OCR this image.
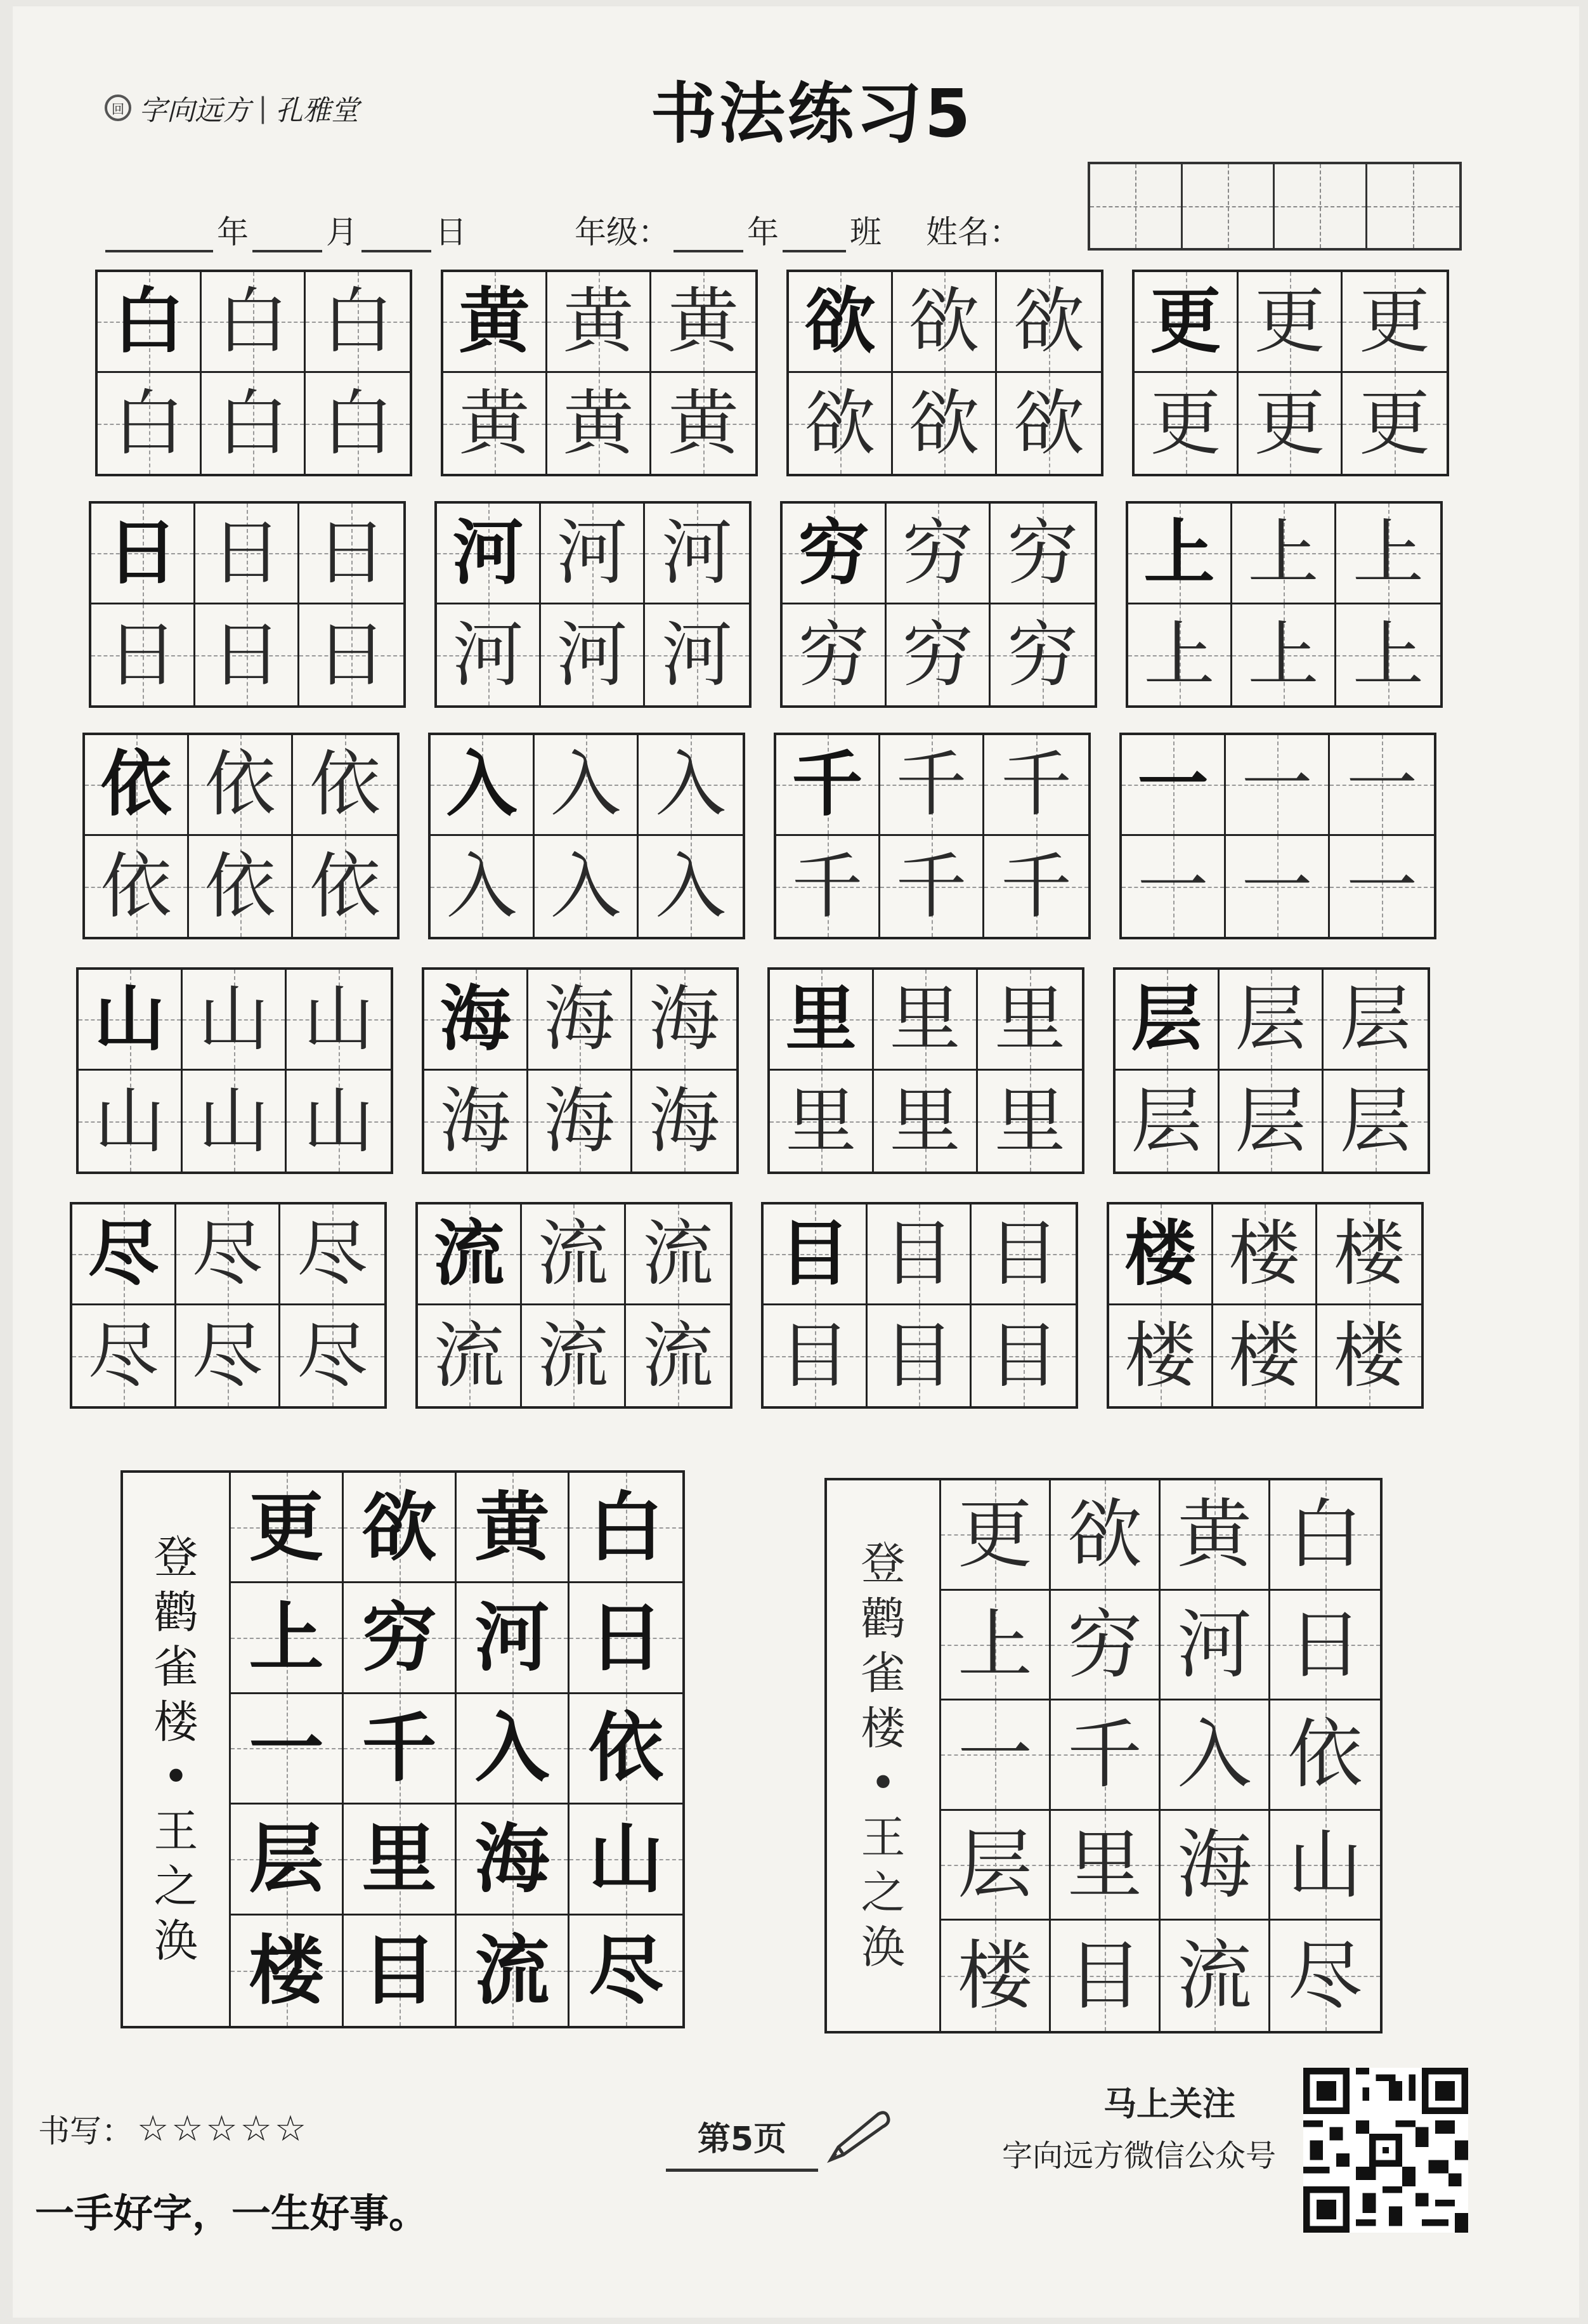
回 字向远方 | 孔雅堂	书法练习5
年 月 日	年级： 年 班 姓名：
白 白 白
白 白 白
黄 黄 黄
黄 黄 黄
欲 欲 欲
欲 欲 欲
更 更 更
更 更 更
日 日 日
日 日 日
河 河 河
河 河 河
穷 穷 穷
穷 穷 穷
上 上 上
上 上 上
依 依 依
依 依 依
入 入 入
入 入 入
千 千 千
千 千 千
一 一 一
一 一 一
山 山 山
山 山 山
海 海 海
海 海 海
里 里 里
里 里 里
层 层 层
层 层 层
尽 尽 尽
尽 尽 尽
流 流 流
流 流 流
目 目 目
目 目 目
楼 楼 楼
楼 楼 楼
登
鹳
雀
楼
•
王
之
涣
更
上
一
层
楼
欲
穷
千
里
目
黄
河
入
海
流
白
日
依
山
尽
登
鹳
雀
楼
•
王
之
涣
更
上
一
层
楼
欲
穷
千
里
目
黄
河
入
海
流
白
日
依
山
尽
书写： ☆☆☆☆☆
一手好字，一生好事。
第5页
马上关注
字向远方微信公众号
